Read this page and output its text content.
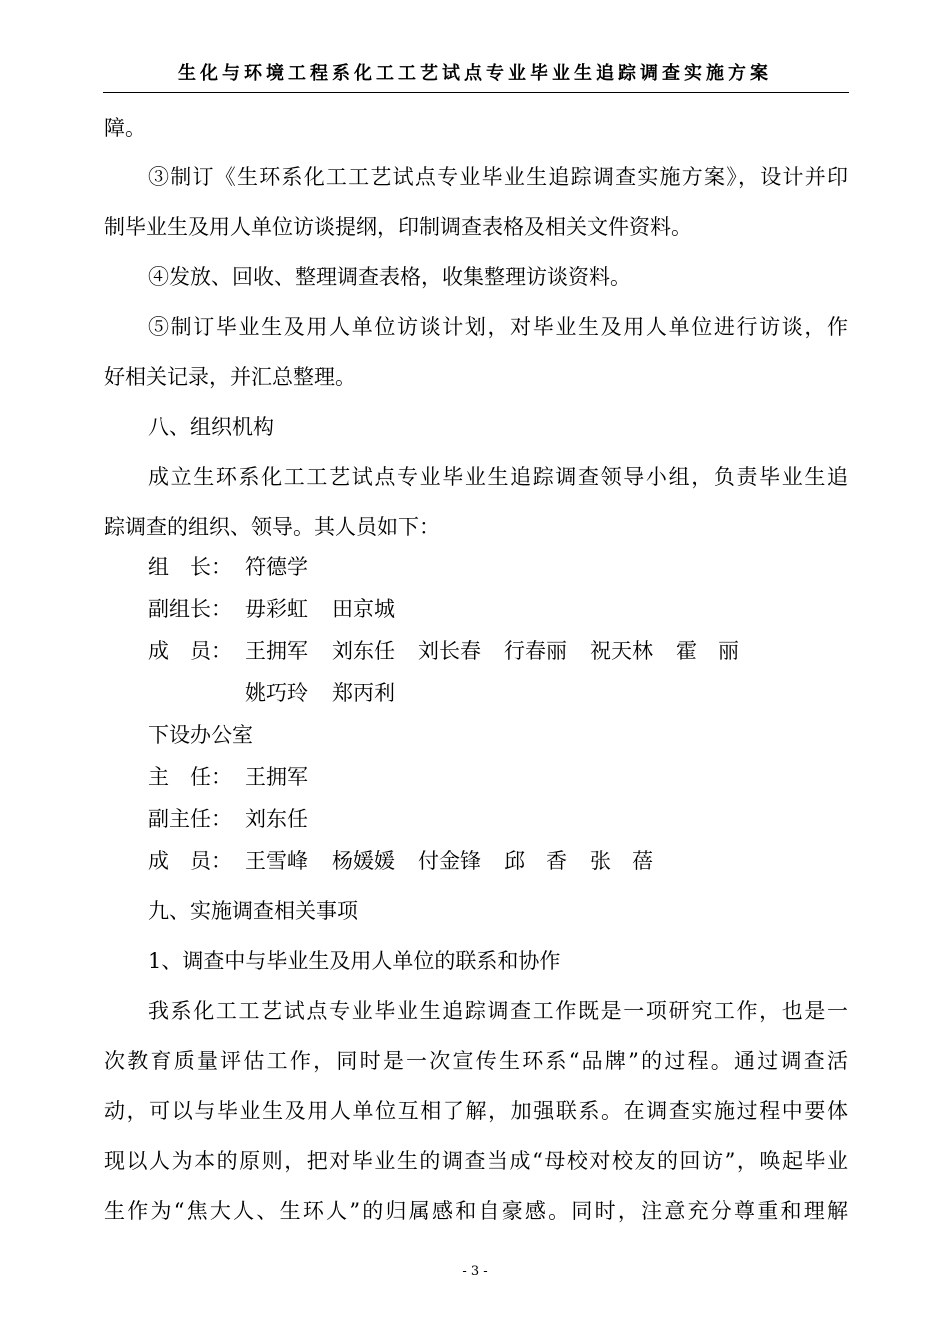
生化与环境工程系化工工艺试点专业毕业生追踪调查实施方案
障。
③制订《生环系化工工艺试点专业毕业生追踪调查实施方案》，设计并印
制毕业生及用人单位访谈提纲，印制调查表格及相关文件资料。
④发放、回收、整理调查表格，收集整理访谈资料。
⑤制订毕业生及用人单位访谈计划，对毕业生及用人单位进行访谈，作
好相关记录，并汇总整理。
八、组织机构
成立生环系化工工艺试点专业毕业生追踪调查领导小组，负责毕业生追
踪调查的组织、领导。其人员如下：
组　长： 符德学
副组长： 毋彩虹 田京城
成　员： 王拥军 刘东任 刘长春 行春丽 祝天林 霍　丽
姚巧玲 郑丙利
下设办公室
主　任： 王拥军
副主任： 刘东任
成　员： 王雪峰 杨媛媛 付金锋 邱　香 张　蓓
九、实施调查相关事项
1、调查中与毕业生及用人单位的联系和协作
我系化工工艺试点专业毕业生追踪调查工作既是一项研究工作，也是一
次教育质量评估工作，同时是一次宣传生环系“品牌”的过程。通过调查活
动，可以与毕业生及用人单位互相了解，加强联系。在调查实施过程中要体
现以人为本的原则，把对毕业生的调查当成“母校对校友的回访”，唤起毕业
生作为“焦大人、生环人”的归属感和自豪感。同时，注意充分尊重和理解
- 3 -
